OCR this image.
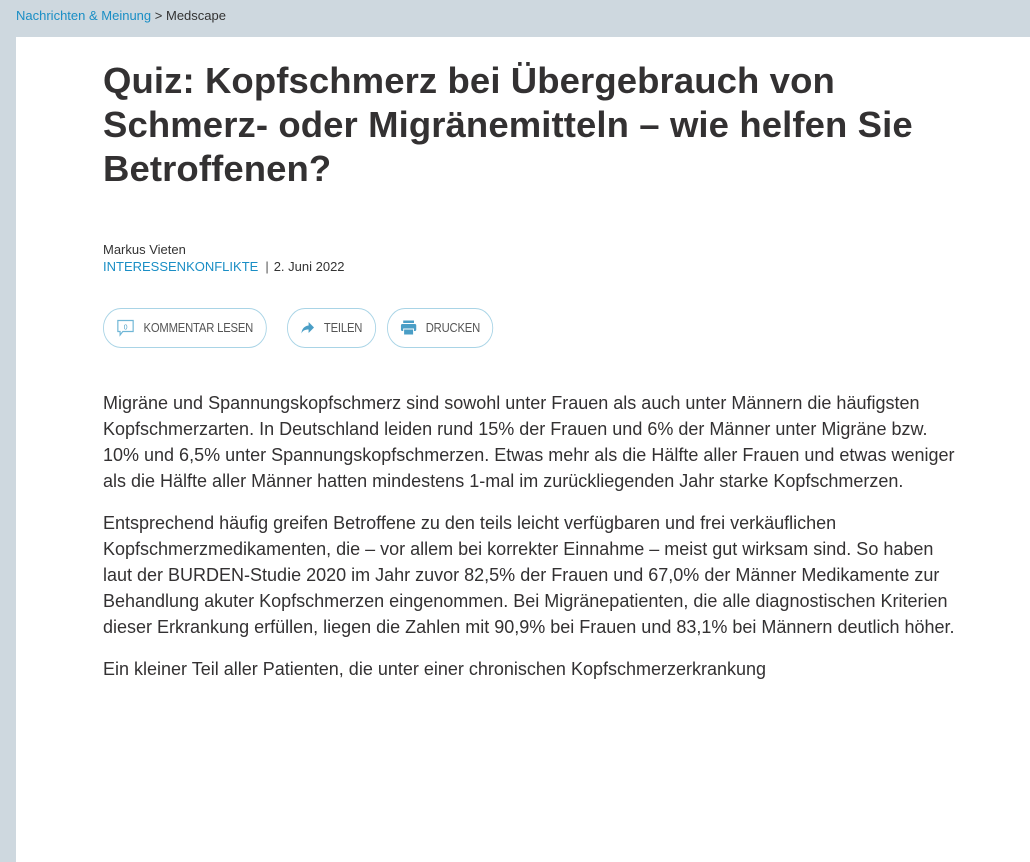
Nachrichten & Meinung > Medscape
Quiz: Kopfschmerz bei Übergebrauch von Schmerz- oder Migränemitteln – wie helfen Sie Betroffenen?
Markus Vieten
INTERESSENKONFLIKTE | 2. Juni 2022
0 KOMMENTAR LESEN	TEILEN	DRUCKEN

Migräne und Spannungskopfschmerz sind sowohl unter Frauen als auch unter Männern die häufigsten Kopfschmerzarten. In Deutschland leiden rund 15% der Frauen und 6% der Männer unter Migräne bzw. 10% und 6,5% unter Spannungskopfschmerzen. Etwas mehr als die Hälfte aller Frauen und etwas weniger als die Hälfte aller Männer hatten mindestens 1-mal im zurückliegenden Jahr starke Kopfschmerzen.

Entsprechend häufig greifen Betroffene zu den teils leicht verfügbaren und frei verkäuflichen Kopfschmerzmedikamenten, die – vor allem bei korrekter Einnahme – meist gut wirksam sind. So haben laut der BURDEN-Studie 2020 im Jahr zuvor 82,5% der Frauen und 67,0% der Männer Medikamente zur Behandlung akuter Kopfschmerzen eingenommen. Bei Migränepatienten, die alle diagnostischen Kriterien dieser Erkrankung erfüllen, liegen die Zahlen mit 90,9% bei Frauen und 83,1% bei Männern deutlich höher.

Ein kleiner Teil aller Patienten, die unter einer chronischen Kopfschmerzerkrankung
